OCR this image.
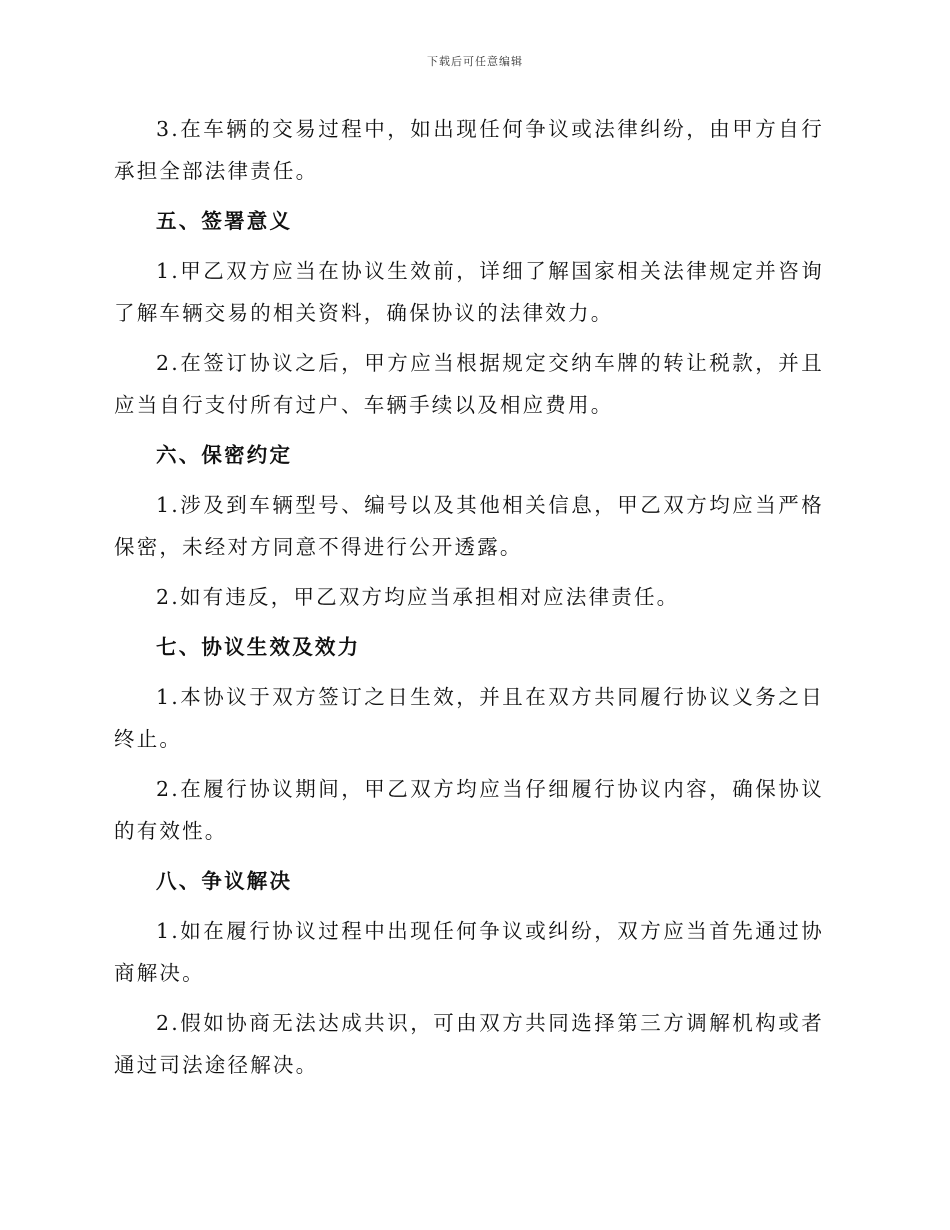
下载后可任意编辑

3.在车辆的交易过程中，如出现任何争议或法律纠纷，由甲方自行承担全部法律责任。

五、签署意义

1.甲乙双方应当在协议生效前，详细了解国家相关法律规定并咨询了解车辆交易的相关资料，确保协议的法律效力。

2.在签订协议之后，甲方应当根据规定交纳车牌的转让税款，并且应当自行支付所有过户、车辆手续以及相应费用。

六、保密约定

1.涉及到车辆型号、编号以及其他相关信息，甲乙双方均应当严格保密，未经对方同意不得进行公开透露。

2.如有违反，甲乙双方均应当承担相对应法律责任。

七、协议生效及效力

1.本协议于双方签订之日生效，并且在双方共同履行协议义务之日终止。

2.在履行协议期间，甲乙双方均应当仔细履行协议内容，确保协议的有效性。

八、争议解决

1.如在履行协议过程中出现任何争议或纠纷，双方应当首先通过协商解决。

2.假如协商无法达成共识，可由双方共同选择第三方调解机构或者通过司法途径解决。
